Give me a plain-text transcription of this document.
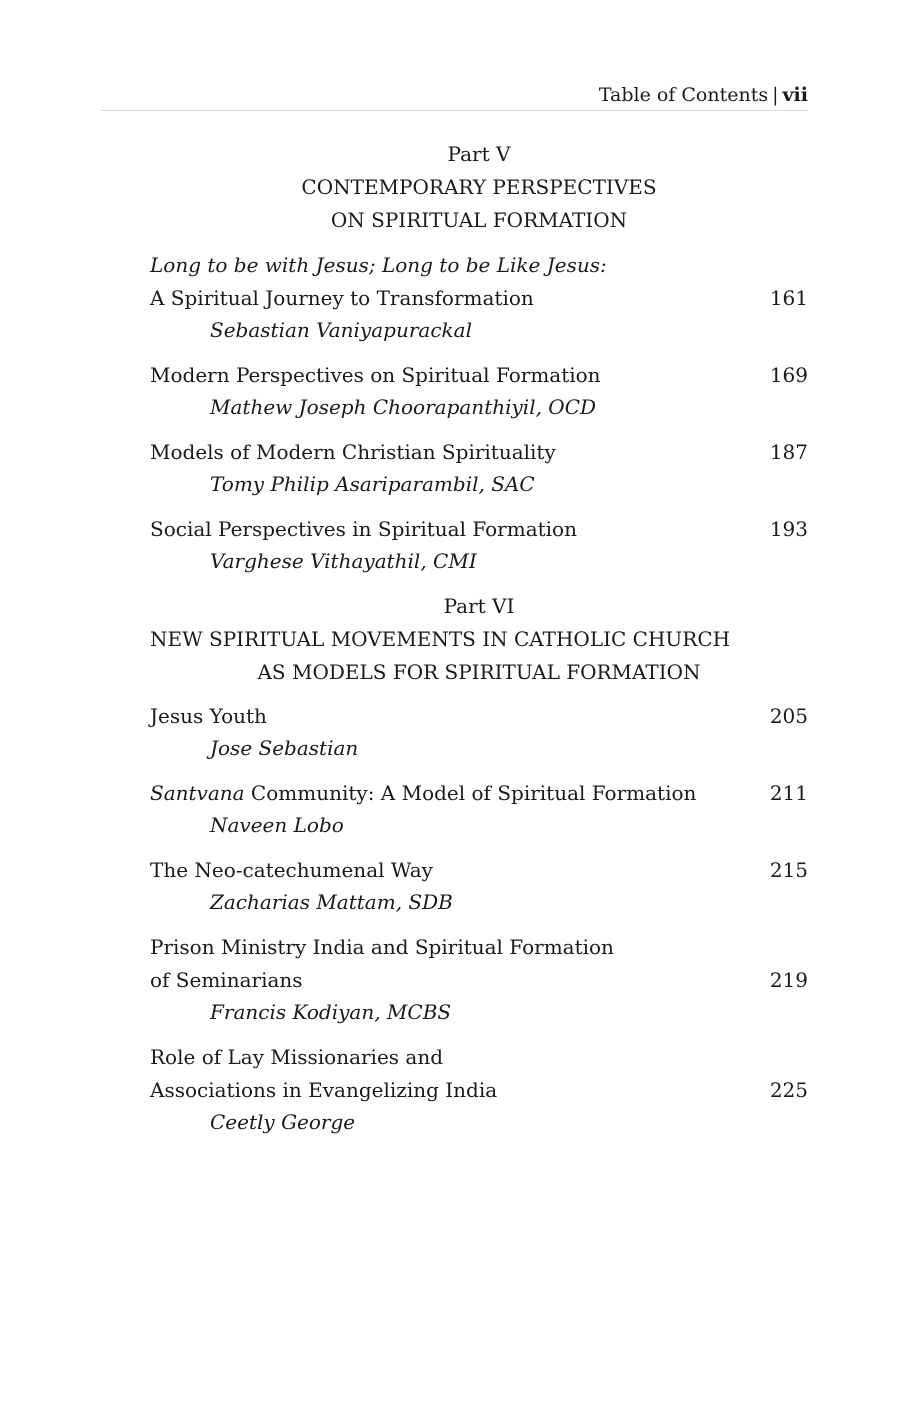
Table of Contents | vii
Part V
CONTEMPORARY PERSPECTIVES
ON SPIRITUAL FORMATION
Long to be with Jesus; Long to be Like Jesus:
A Spiritual Journey to Transformation	161
Sebastian Vaniyapurackal
Modern Perspectives on Spiritual Formation	169
Mathew Joseph Choorapanthiyil, OCD
Models of Modern Christian Spirituality	187
Tomy Philip Asariparambil, SAC
Social Perspectives in Spiritual Formation	193
Varghese Vithayathil, CMI
Part VI
NEW SPIRITUAL MOVEMENTS IN CATHOLIC CHURCH
AS MODELS FOR SPIRITUAL FORMATION
Jesus Youth	205
Jose Sebastian
Santvana Community: A Model of Spiritual Formation	211
Naveen Lobo
The Neo-catechumenal Way	215
Zacharias Mattam, SDB
Prison Ministry India and Spiritual Formation
of Seminarians	219
Francis Kodiyan, MCBS
Role of Lay Missionaries and
Associations in Evangelizing India	225
Ceetly George
